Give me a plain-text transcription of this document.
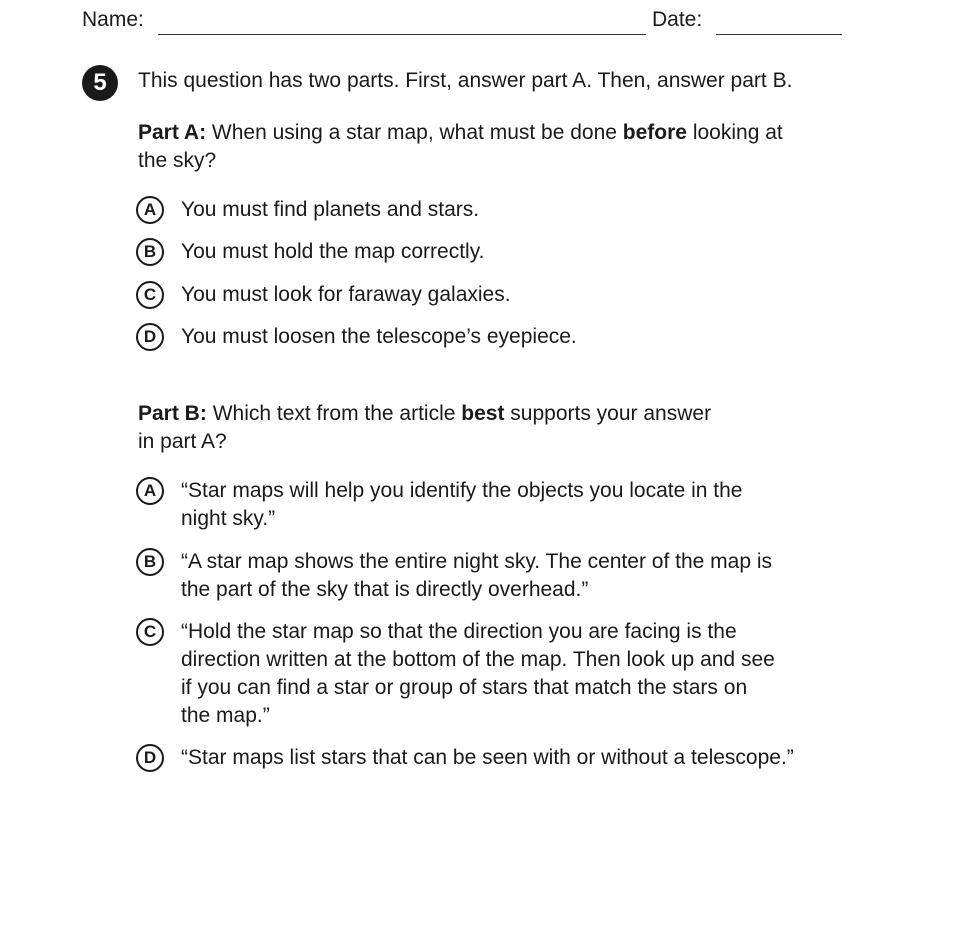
Name:	Date:
5	This question has two parts. First, answer part A. Then, answer part B.
Part A: When using a star map, what must be done before looking at
the sky?
A	You must find planets and stars.
B	You must hold the map correctly.
C	You must look for faraway galaxies.
D	You must loosen the telescope’s eyepiece.
Part B: Which text from the article best supports your answer
in part A?
A	“Star maps will help you identify the objects you locate in the
night sky.”
B	“A star map shows the entire night sky. The center of the map is
the part of the sky that is directly overhead.”
C	“Hold the star map so that the direction you are facing is the
direction written at the bottom of the map. Then look up and see
if you can find a star or group of stars that match the stars on
the map.”
D	“Star maps list stars that can be seen with or without a telescope.”
